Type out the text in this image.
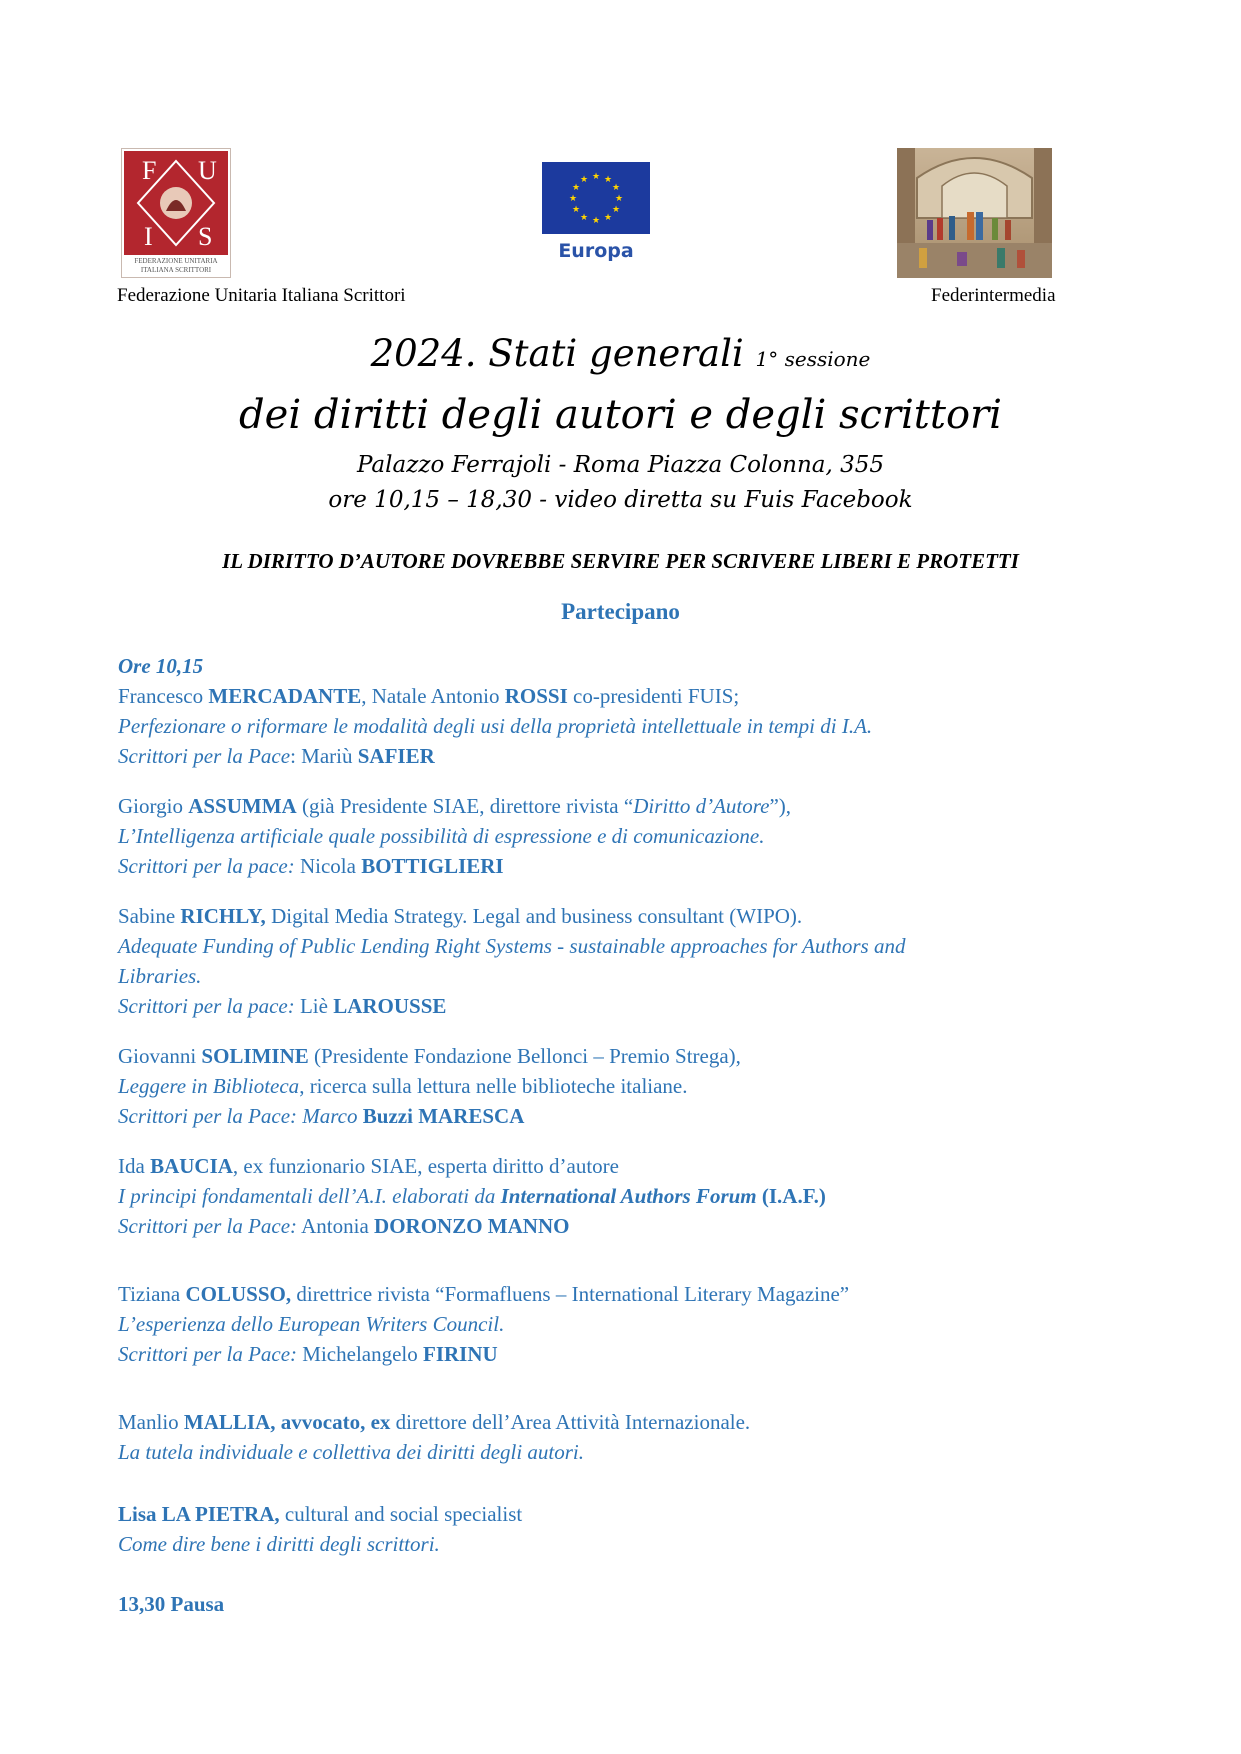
F U
I S
FEDERAZIONE UNITARIA
ITALIANA SCRITTORI
★ ★
★
★
★
★
★
★
★
★
★
★
Europa
Federazione Unitaria Italiana Scrittori	Federintermedia
2024. Stati generali 1° sessione
dei diritti degli autori e degli scrittori
Palazzo Ferrajoli - Roma Piazza Colonna, 355
ore 10,15 – 18,30 - video diretta su Fuis Facebook
IL DIRITTO D’AUTORE DOVREBBE SERVIRE PER SCRIVERE LIBERI E PROTETTI
Partecipano
Ore 10,15
Francesco MERCADANTE, Natale Antonio ROSSI co-presidenti FUIS;
Perfezionare o riformare le modalità degli usi della proprietà intellettuale in tempi di I.A.
Scrittori per la Pace: Mariù SAFIER
Giorgio ASSUMMA (già Presidente SIAE, direttore rivista “Diritto d’Autore”),
L’Intelligenza artificiale quale possibilità di espressione e di comunicazione.
Scrittori per la pace: Nicola BOTTIGLIERI
Sabine RICHLY, Digital Media Strategy. Legal and business consultant (WIPO).
Adequate Funding of Public Lending Right Systems - sustainable approaches for Authors and
Libraries.
Scrittori per la pace: Liè LAROUSSE
Giovanni SOLIMINE (Presidente Fondazione Bellonci – Premio Strega),
Leggere in Biblioteca, ricerca sulla lettura nelle biblioteche italiane.
Scrittori per la Pace: Marco Buzzi MARESCA
Ida BAUCIA, ex funzionario SIAE, esperta diritto d’autore
I principi fondamentali dell’A.I. elaborati da International Authors Forum (I.A.F.)
Scrittori per la Pace: Antonia DORONZO MANNO
Tiziana COLUSSO, direttrice rivista “Formafluens – International Literary Magazine”
L’esperienza dello European Writers Council.
Scrittori per la Pace: Michelangelo FIRINU
Manlio MALLIA, avvocato, ex direttore dell’Area Attività Internazionale.
La tutela individuale e collettiva dei diritti degli autori.
Lisa LA PIETRA, cultural and social specialist
Come dire bene i diritti degli scrittori.
13,30 Pausa
